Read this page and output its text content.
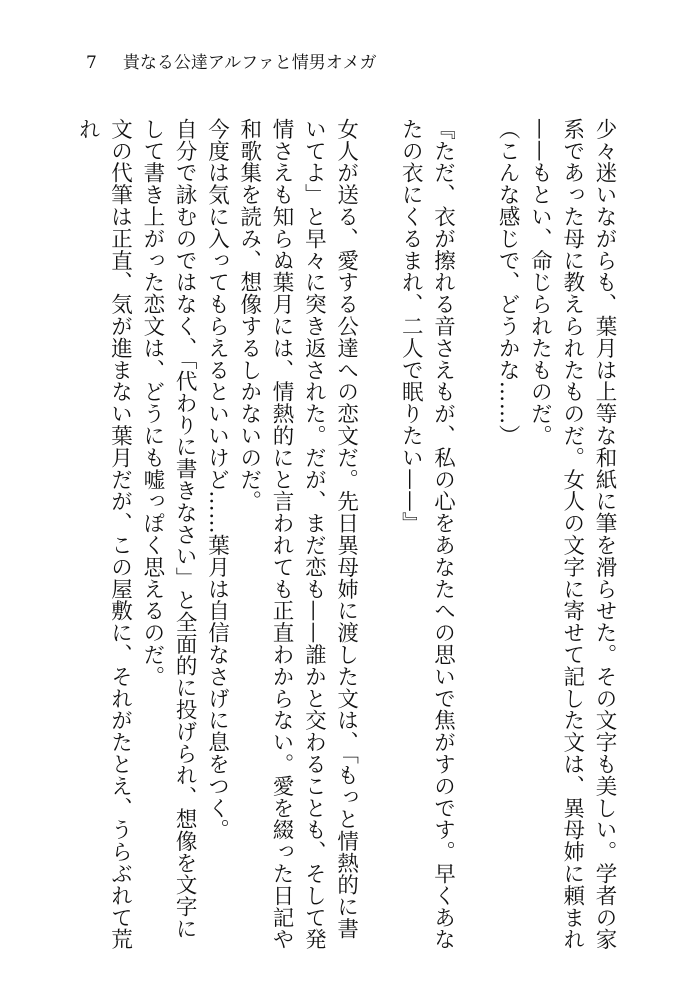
7 貴なる公達アルファと情男オメガ

少々迷いながらも、葉月は上等な和紙に筆を滑らせた。その文字も美しい。学者の家系であった母に教えられたものだ。女人の文字に寄せて記した文は、異母姉に頼まれ——もとい、命じられたものだ。

（こんな感じで、どうかな……）

『ただ、衣が擦れる音さえもが、私の心をあなたへの思いで焦がすのです。早くあなたの衣にくるまれ、二人で眠りたい——』

女人が送る、愛する公達への恋文だ。先日異母姉に渡した文は、「もっと情熱的に書いてよ」と早々に突き返された。だが、まだ恋も——誰かと交わることも、そして発情さえも知らぬ葉月には、情熱的にと言われても正直わからない。愛を綴った日記や和歌集を読み、想像するしかないのだ。

今度は気に入ってもらえるといいけど……葉月は自信なさげに息をつく。

自分で詠むのではなく、「代わりに書きなさい」と全面的に投げられ、想像を文字にして書き上がった恋文は、どうにも嘘っぽく思えるのだ。

文の代筆は正直、気が進まない葉月だが、この屋敷に、それがたとえ、うらぶれて荒れ
